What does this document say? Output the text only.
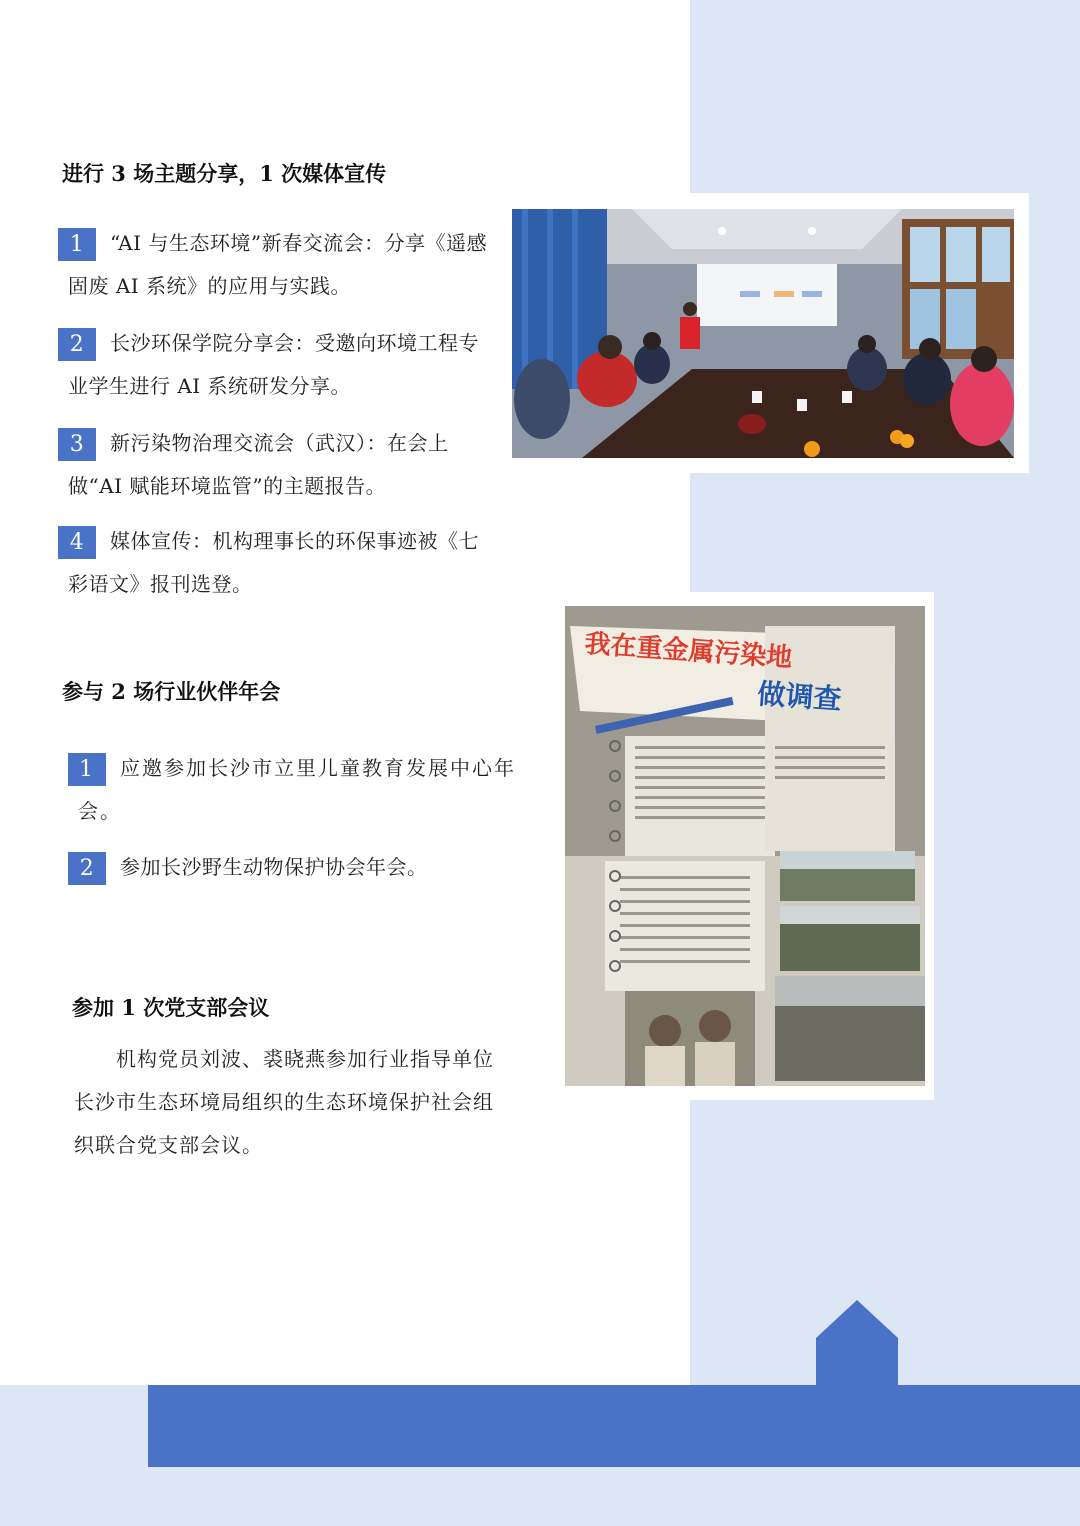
进行 3 场主题分享，1 次媒体宣传

1 “AI 与生态环境”新春交流会：分享《遥感固废 AI 系统》的应用与实践。

2 长沙环保学院分享会：受邀向环境工程专业学生进行 AI 系统研发分享。

3 新污染物治理交流会（武汉）：在会上做“AI 赋能环境监管”的主题报告。

4 媒体宣传：机构理事长的环保事迹被《七彩语文》报刊选登。

参与 2 场行业伙伴年会

1 应邀参加长沙市立里儿童教育发展中心年会。

2 参加长沙野生动物保护协会年会。

参加 1 次党支部会议

机构党员刘波、裘晓燕参加行业指导单位长沙市生态环境局组织的生态环境保护社会组织联合党支部会议。

我在重金属污染地
做调查
